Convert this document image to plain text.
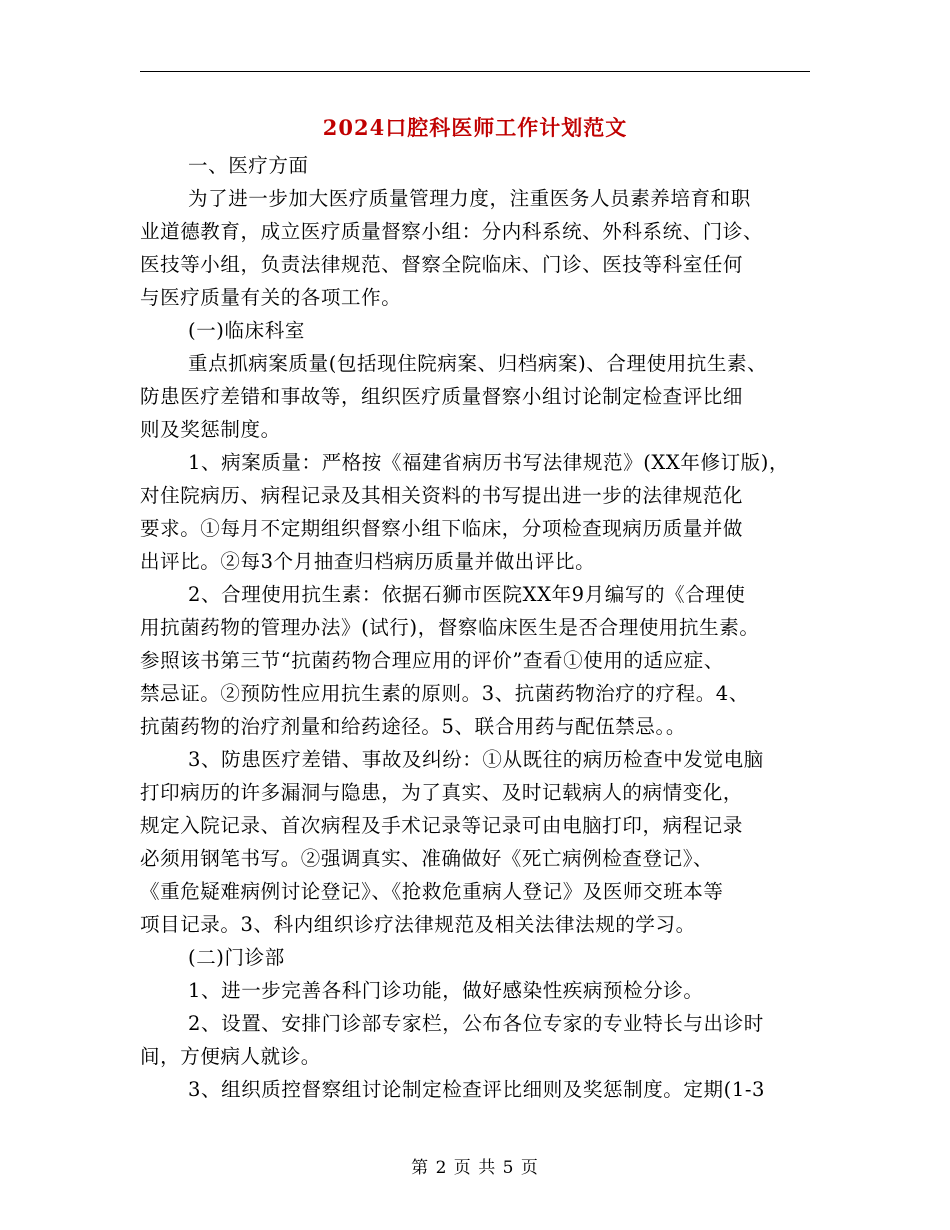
2024口腔科医师工作计划范文
一、医疗方面
为了进一步加大医疗质量管理力度，注重医务人员素养培育和职
业道德教育，成立医疗质量督察小组：分内科系统、外科系统、门诊、
医技等小组，负责法律规范、督察全院临床、门诊、医技等科室任何
与医疗质量有关的各项工作。
(一)临床科室
重点抓病案质量(包括现住院病案、归档病案)、合理使用抗生素、
防患医疗差错和事故等，组织医疗质量督察小组讨论制定检查评比细
则及奖惩制度。
1、病案质量：严格按《福建省病历书写法律规范》(XX年修订版)，
对住院病历、病程记录及其相关资料的书写提出进一步的法律规范化
要求。①每月不定期组织督察小组下临床，分项检查现病历质量并做
出评比。②每3个月抽查归档病历质量并做出评比。
2、合理使用抗生素：依据石狮市医院XX年9月编写的《合理使
用抗菌药物的管理办法》(试行)，督察临床医生是否合理使用抗生素。
参照该书第三节“抗菌药物合理应用的评价”查看①使用的适应症、
禁忌证。②预防性应用抗生素的原则。3、抗菌药物治疗的疗程。4、
抗菌药物的治疗剂量和给药途径。5、联合用药与配伍禁忌。。
3、防患医疗差错、事故及纠纷：①从既往的病历检查中发觉电脑
打印病历的许多漏洞与隐患，为了真实、及时记载病人的病情变化，
规定入院记录、首次病程及手术记录等记录可由电脑打印，病程记录
必须用钢笔书写。②强调真实、准确做好《死亡病例检查登记》、
《重危疑难病例讨论登记》、《抢救危重病人登记》及医师交班本等
项目记录。3、科内组织诊疗法律规范及相关法律法规的学习。
(二)门诊部
1、进一步完善各科门诊功能，做好感染性疾病预检分诊。
2、设置、安排门诊部专家栏，公布各位专家的专业特长与出诊时
间，方便病人就诊。
3、组织质控督察组讨论制定检查评比细则及奖惩制度。定期(1-3
第 2 页 共 5 页
